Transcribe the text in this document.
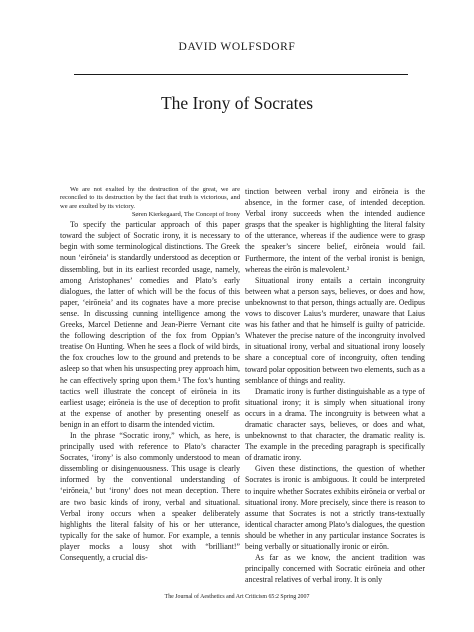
DAVID WOLFSDORF
The Irony of Socrates

We are not exalted by the destruction of the great, we are reconciled to its destruction by the fact that truth is victorious, and we are exulted by its victory.

Søren Kierkegaard, The Concept of Irony

To specify the particular approach of this paper toward the subject of Socratic irony, it is necessary to begin with some terminological distinctions. The Greek noun ‘eirōneia’ is standardly understood as deception or dissembling, but in its earliest recorded usage, namely, among Aristophanes’ comedies and Plato’s early dialogues, the latter of which will be the focus of this paper, ‘eirōneia’ and its cognates have a more precise sense. In discussing cunning intelligence among the Greeks, Marcel Detienne and Jean-Pierre Vernant cite the following description of the fox from Oppian’s treatise On Hunting. When he sees a flock of wild birds, the fox crouches low to the ground and pretends to be asleep so that when his unsuspecting prey approach him, he can effectively spring upon them.¹ The fox’s hunting tactics well illustrate the concept of eirōneia in its earliest usage; eirōneia is the use of deception to profit at the expense of another by presenting oneself as benign in an effort to disarm the intended victim.

In the phrase “Socratic irony,” which, as here, is principally used with reference to Plato’s character Socrates, ‘irony’ is also commonly understood to mean dissembling or disingenuousness. This usage is clearly informed by the conventional understanding of ‘eirōneia,’ but ‘irony’ does not mean deception. There are two basic kinds of irony, verbal and situational. Verbal irony occurs when a speaker deliberately highlights the literal falsity of his or her utterance, typically for the sake of humor. For example, a tennis player mocks a lousy shot with “brilliant!” Consequently, a crucial dis-

tinction between verbal irony and eirōneia is the absence, in the former case, of intended deception. Verbal irony succeeds when the intended audience grasps that the speaker is highlighting the literal falsity of the utterance, whereas if the audience were to grasp the speaker’s sincere belief, eirōneia would fail. Furthermore, the intent of the verbal ironist is benign, whereas the eirōn is malevolent.²

Situational irony entails a certain incongruity between what a person says, believes, or does and how, unbeknownst to that person, things actually are. Oedipus vows to discover Laius’s murderer, unaware that Laius was his father and that he himself is guilty of patricide. Whatever the precise nature of the incongruity involved in situational irony, verbal and situational irony loosely share a conceptual core of incongruity, often tending toward polar opposition between two elements, such as a semblance of things and reality.

Dramatic irony is further distinguishable as a type of situational irony; it is simply when situational irony occurs in a drama. The incongruity is between what a dramatic character says, believes, or does and what, unbeknownst to that character, the dramatic reality is. The example in the preceding paragraph is specifically of dramatic irony.

Given these distinctions, the question of whether Socrates is ironic is ambiguous. It could be interpreted to inquire whether Socrates exhibits eirōneia or verbal or situational irony. More precisely, since there is reason to assume that Socrates is not a strictly trans-textually identical character among Plato’s dialogues, the question should be whether in any particular instance Socrates is being verbally or situationally ironic or eirōn.

As far as we know, the ancient tradition was principally concerned with Socratic eirōneia and other ancestral relatives of verbal irony. It is only

The Journal of Aesthetics and Art Criticism 65:2 Spring 2007
